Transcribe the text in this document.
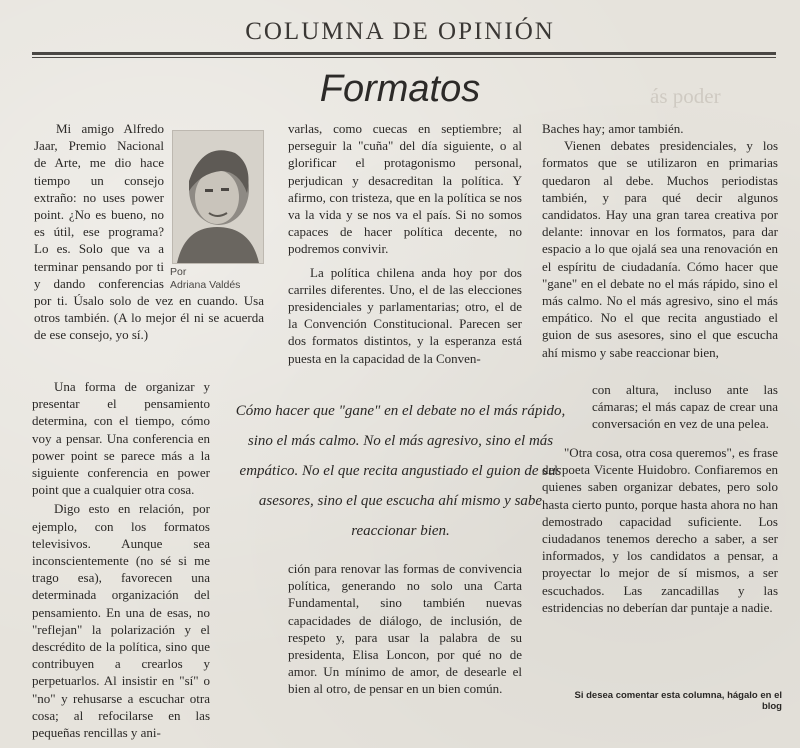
ás poder
COLUMNA DE OPINIÓN
Formatos
Por
Adriana Valdés

Mi amigo Alfredo Jaar, Premio Nacional de Arte, me dio hace tiempo un consejo extraño: no uses power point. ¿No es bueno, no es útil, ese programa? Lo es. Solo que va a terminar pensando por ti y dando conferencias por ti. Úsalo solo de vez en cuando. Usa otros también. (A lo mejor él ni se acuerda de ese consejo, yo sí.)

Una forma de organizar y presentar el pensamiento determina, con el tiempo, cómo voy a pensar. Una conferencia en power point se parece más a la siguiente conferencia en power point que a cualquier otra cosa.

Digo esto en relación, por ejemplo, con los formatos televisivos. Aunque sea inconscientemente (no sé si me trago esa), favorecen una determinada organización del pensamiento. En una de esas, no "reflejan" la polarización y el descrédito de la política, sino que contribuyen a crearlos y perpetuarlos. Al insistir en "sí" o "no" y rehusarse a escuchar otra cosa; al refocilarse en las pequeñas rencillas y ani-

varlas, como cuecas en septiembre; al perseguir la "cuña" del día siguiente, o al glorificar el protagonismo personal, perjudican y desacreditan la política. Y afirmo, con tristeza, que en la política se nos va la vida y se nos va el país. Si no somos capaces de hacer política decente, no podremos convivir.

La política chilena anda hoy por dos carriles diferentes. Uno, el de las elecciones presidenciales y parlamentarias; otro, el de la Convención Constitucional. Parecen ser dos formatos distintos, y la esperanza está puesta en la capacidad de la Conven-

Cómo hacer que "gane" en el debate no el más rápido, sino el más calmo. No el más agresivo, sino el más empático. No el que recita angustiado el guion de sus asesores, sino el que escucha ahí mismo y sabe reaccionar bien.

ción para renovar las formas de convivencia política, generando no solo una Carta Fundamental, sino también nuevas capacidades de diálogo, de inclusión, de respeto y, para usar la palabra de su presidenta, Elisa Loncon, por qué no de amor. Un mínimo de amor, de desearle el bien al otro, de pensar en un bien común.

Baches hay; amor también.

Vienen debates presidenciales, y los formatos que se utilizaron en primarias quedaron al debe. Muchos periodistas también, y para qué decir algunos candidatos. Hay una gran tarea creativa por delante: innovar en los formatos, para dar espacio a lo que ojalá sea una renovación en el espíritu de ciudadanía. Cómo hacer que "gane" en el debate no el más rápido, sino el más calmo. No el más agresivo, sino el más empático. No el que recita angustiado el guion de sus asesores, sino el que escucha ahí mismo y sabe reaccionar bien,

con altura, incluso ante las cámaras; el más capaz de crear una conversación en vez de una pelea.

"Otra cosa, otra cosa queremos", es frase del poeta Vicente Huidobro. Confiaremos en quienes saben organizar debates, pero solo hasta cierto punto, porque hasta ahora no han demostrado capacidad suficiente. Los ciudadanos tenemos derecho a saber, a ser informados, y los candidatos a pensar, a proyectar lo mejor de sí mismos, a ser escuchados. Las zancadillas y las estridencias no deberían dar puntaje a nadie.

Si desea comentar esta columna, hágalo en el blog
